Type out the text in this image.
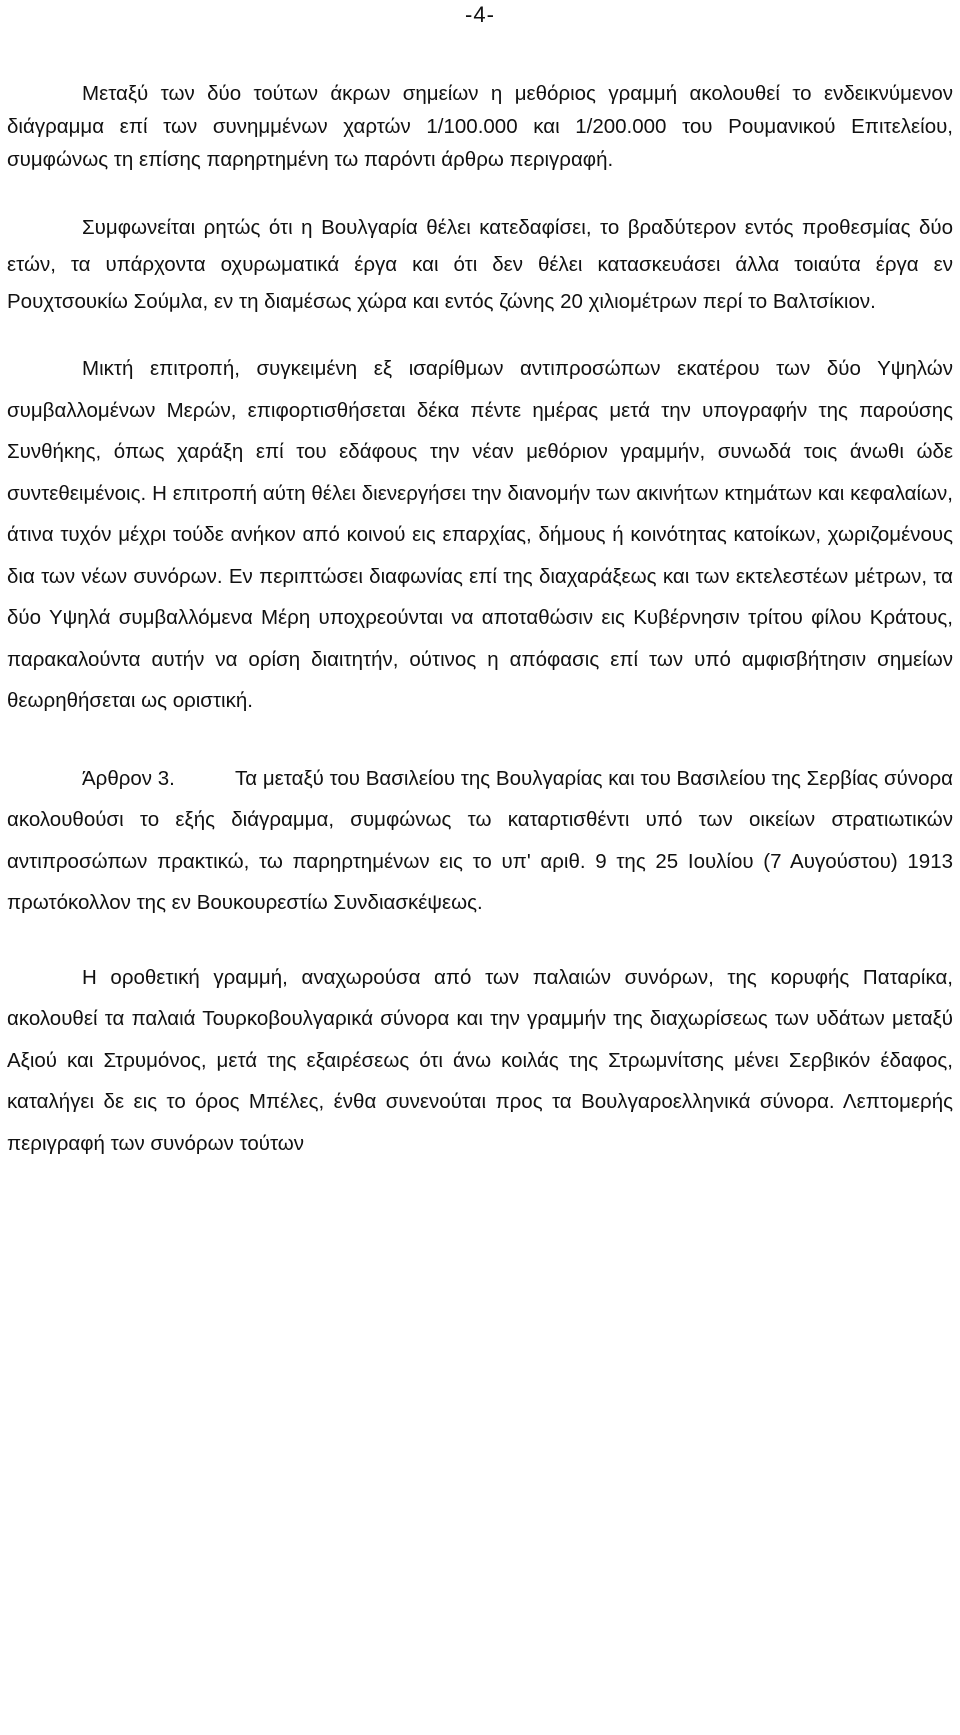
-4-

Μεταξύ των δύο τούτων άκρων σημείων η μεθόριος γραμμή ακολουθεί το ενδεικνύμενον διάγραμμα επί των συνημμένων χαρτών 1/100.000 και 1/200.000 του Ρουμανικού Επιτελείου, συμφώνως τη επίσης παρηρτημένη τω παρόντι άρθρω περιγραφή.

Συμφωνείται ρητώς ότι η Βουλγαρία θέλει κατεδαφίσει, το βραδύτερον εντός προθεσμίας δύο ετών, τα υπάρχοντα οχυρωματικά έργα και ότι δεν θέλει κατασκευάσει άλλα τοιαύτα έργα εν Ρουχτσουκίω Σούμλα, εν τη διαμέσως χώρα και εντός ζώνης 20 χιλιομέτρων περί το Βαλτσίκιον.

Μικτή επιτροπή, συγκειμένη εξ ισαρίθμων αντιπροσώπων εκατέρου των δύο Υψηλών συμβαλλομένων Μερών, επιφορτισθήσεται δέκα πέντε ημέρας μετά την υπογραφήν της παρούσης Συνθήκης, όπως χαράξη επί του εδάφους την νέαν μεθόριον γραμμήν, συνωδά τοις άνωθι ώδε συντεθειμένοις. Η επιτροπή αύτη θέλει διενεργήσει την διανομήν των ακινήτων κτημάτων και κεφαλαίων, άτινα τυχόν μέχρι τούδε ανήκον από κοινού εις επαρχίας, δήμους ή κοινότητας κατοίκων, χωριζομένους δια των νέων συνόρων. Εν περιπτώσει διαφωνίας επί της διαχαράξεως και των εκτελεστέων μέτρων, τα δύο Υψηλά συμβαλλόμενα Μέρη υποχρεούνται να αποταθώσιν εις Κυβέρνησιν τρίτου φίλου Κράτους, παρακαλούντα αυτήν να ορίση διαιτητήν, ούτινος η απόφασις επί των υπό αμφισβήτησιν σημείων θεωρηθήσεται ως οριστική.

Άρθρον 3.	Τα μεταξύ του Βασιλείου της Βουλγαρίας και του Βασιλείου της Σερβίας σύνορα ακολουθούσι το εξής διάγραμμα, συμφώνως τω καταρτισθέντι υπό των οικείων στρατιωτικών αντιπροσώπων πρακτικώ, τω παρηρτημένων εις το υπ' αριθ. 9 της 25 Ιουλίου (7 Αυγούστου) 1913 πρωτόκολλον της εν Βουκουρεστίω Συνδιασκέψεως.

Η οροθετική γραμμή, αναχωρούσα από των παλαιών συνόρων, της κορυφής Παταρίκα, ακολουθεί τα παλαιά Τουρκοβουλγαρικά σύνορα και την γραμμήν της διαχωρίσεως των υδάτων μεταξύ Αξιού και Στρυμόνος, μετά της εξαιρέσεως ότι άνω κοιλάς της Στρωμνίτσης μένει Σερβικόν έδαφος, καταλήγει δε εις το όρος Μπέλες, ένθα συνενούται προς τα Βουλγαροελληνικά σύνορα. Λεπτομερής περιγραφή των συνόρων τούτων
